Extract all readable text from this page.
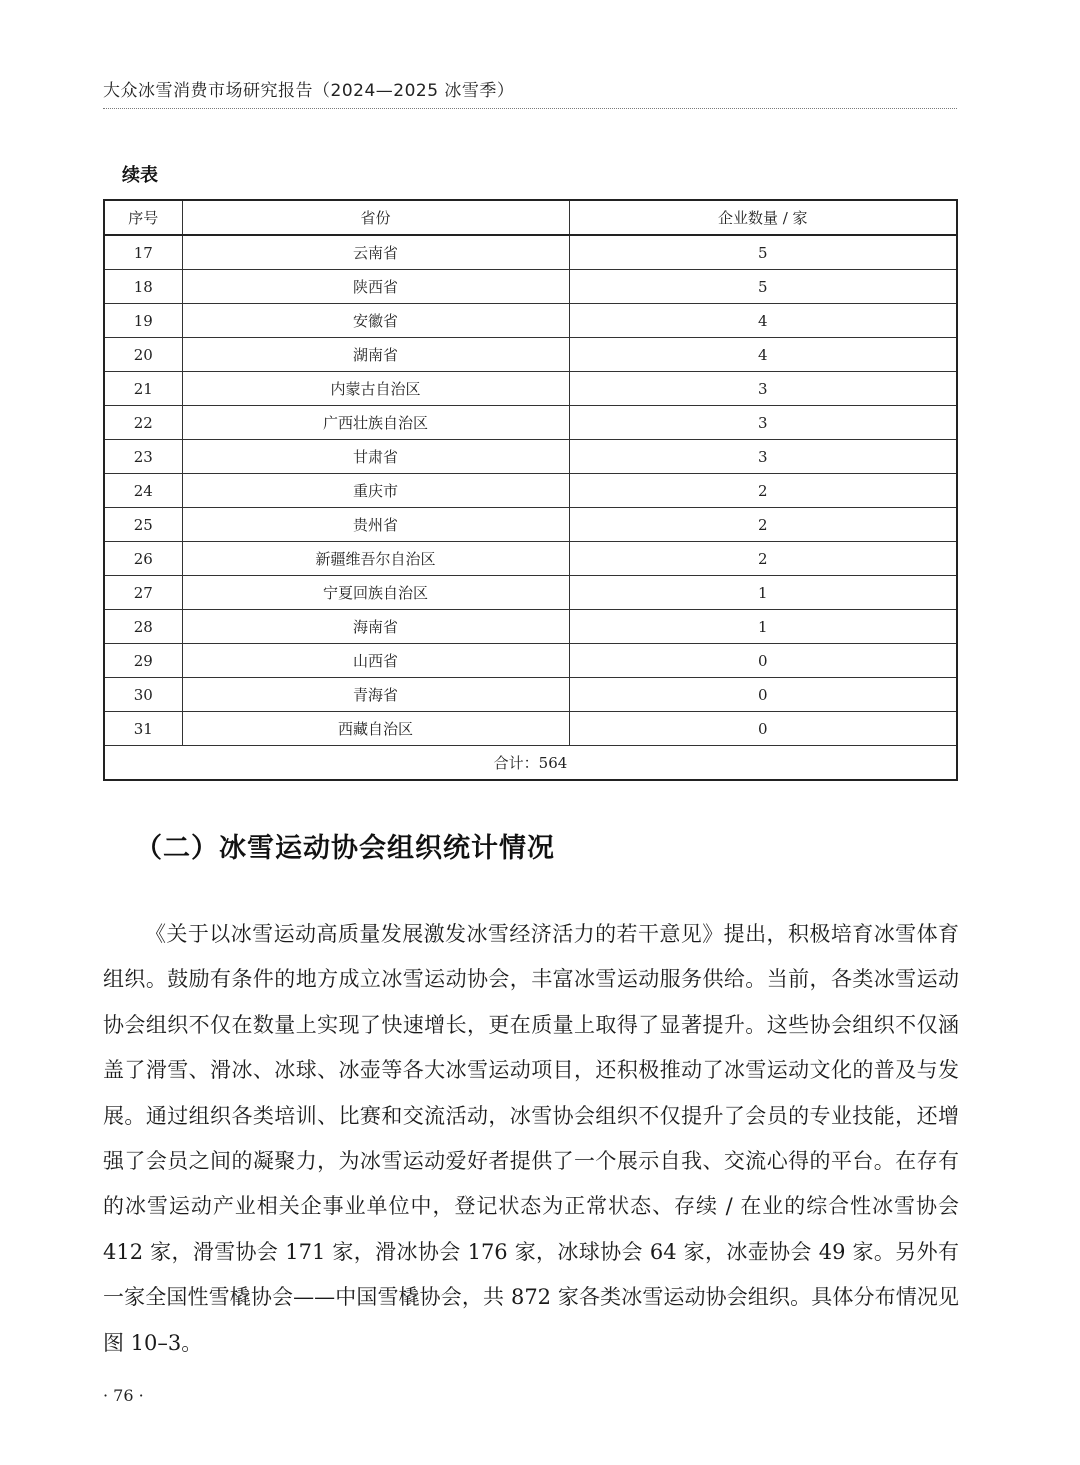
大众冰雪消费市场研究报告（2024—2025 冰雪季）
续表
序号	省份	企业数量 / 家
17	云南省	5
18	陕西省	5
19	安徽省	4
20	湖南省	4
21	内蒙古自治区	3
22	广西壮族自治区	3
23	甘肃省	3
24	重庆市	2
25	贵州省	2
26	新疆维吾尔自治区	2
27	宁夏回族自治区	1
28	海南省	1
29	山西省	0
30	青海省	0
31	西藏自治区	0
合计：564		
（二）冰雪运动协会组织统计情况

《关于以冰雪运动高质量发展激发冰雪经济活力的若干意见》提出，积极培育冰雪体育组织。鼓励有条件的地方成立冰雪运动协会，丰富冰雪运动服务供给。当前，各类冰雪运动协会组织不仅在数量上实现了快速增长，更在质量上取得了显著提升。这些协会组织不仅涵盖了滑雪、滑冰、冰球、冰壶等各大冰雪运动项目，还积极推动了冰雪运动文化的普及与发展。通过组织各类培训、比赛和交流活动，冰雪协会组织不仅提升了会员的专业技能，还增强了会员之间的凝聚力，为冰雪运动爱好者提供了一个展示自我、交流心得的平台。在存有的冰雪运动产业相关企事业单位中，登记状态为正常状态、存续 / 在业的综合性冰雪协会 412 家，滑雪协会 171 家，滑冰协会 176 家，冰球协会 64 家，冰壶协会 49 家。另外有一家全国性雪橇协会——中国雪橇协会，共 872 家各类冰雪运动协会组织。具体分布情况见图 10–3。

· 76 ·
